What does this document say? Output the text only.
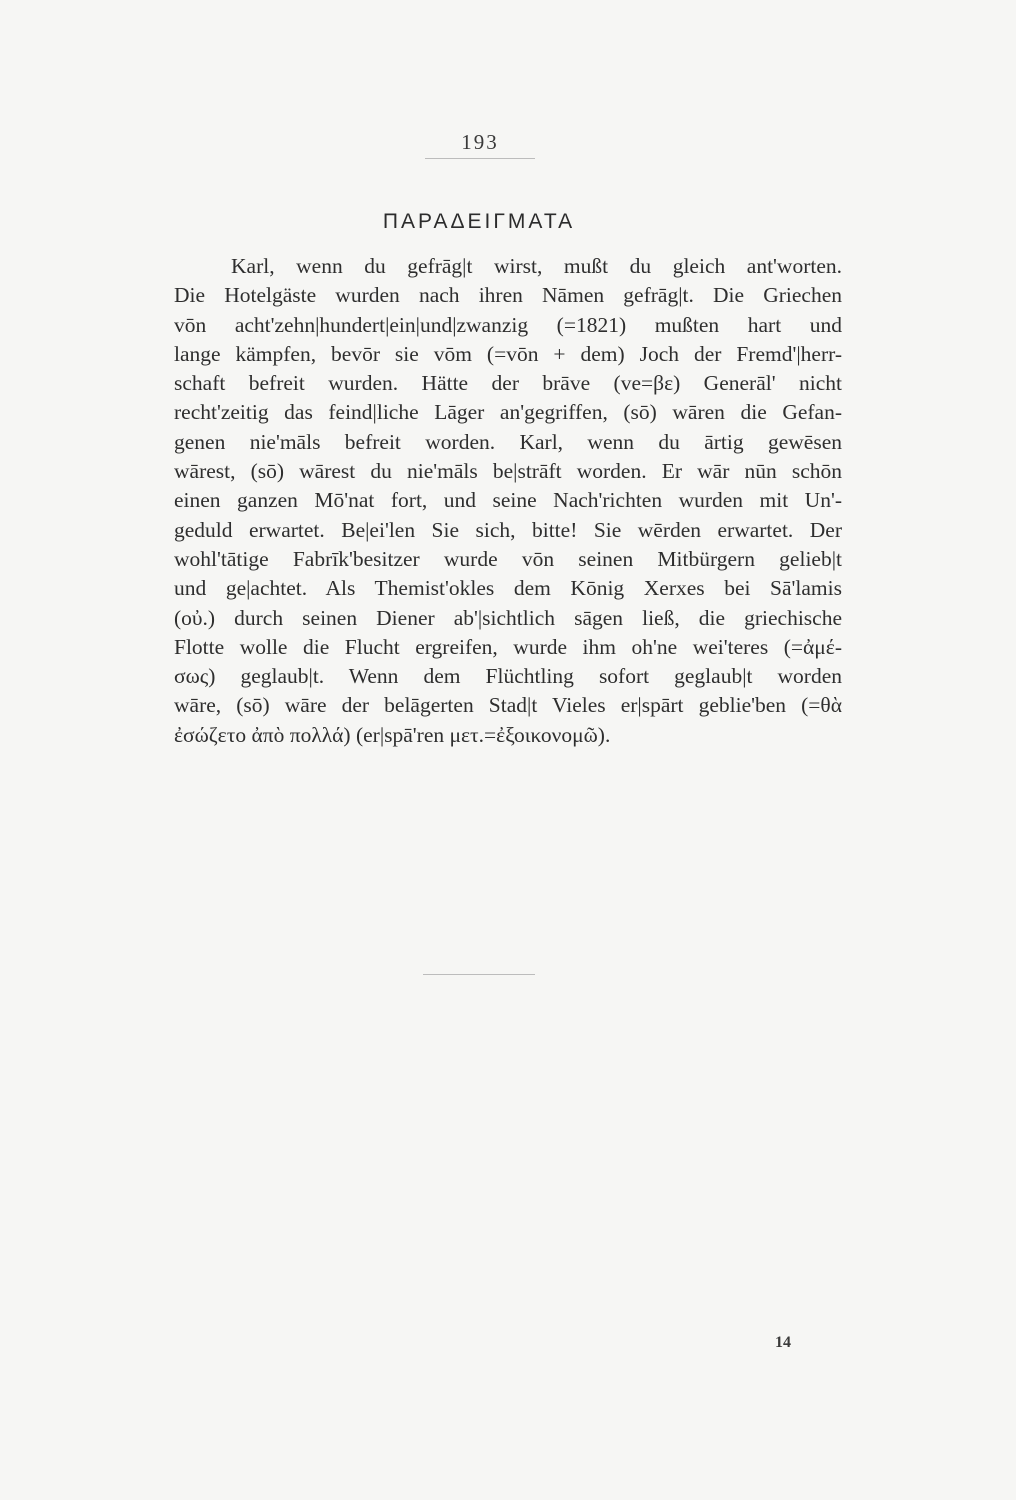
193
ΠΑΡΑΔΕΙΓΜΑΤΑ
Karl, wenn du gefrāg|t wirst, mußt du gleich ant'worten.
Die Hotelgäste wurden nach ihren Nāmen gefrāg|t. Die Griechen
vōn acht'zehn|hundert|ein|und|zwanzig (=1821) mußten hart und
lange kämpfen, bevōr sie vōm (=vōn + dem) Joch der Fremd'|herr-
schaft befreit wurden. Hätte der brāve (ve=βε) Generāl' nicht
recht'zeitig das feind|liche Lāger an'gegriffen, (sō) wāren die Gefan-
genen nie'māls befreit worden. Karl, wenn du ārtig gewēsen
wārest, (sō) wārest du nie'māls be|strāft worden. Er wār nūn schōn
einen ganzen Mō'nat fort, und seine Nach'richten wurden mit Un'-
geduld erwartet. Be|ei'len Sie sich, bitte! Sie wērden erwartet. Der
wohl'tātige Fabrīk'besitzer wurde vōn seinen Mitbürgern gelieb|t
und ge|achtet. Als Themist'okles dem Kōnig Xerxes bei Sā'lamis
(οὐ.) durch seinen Diener ab'|sichtlich sāgen ließ, die griechische
Flotte wolle die Flucht ergreifen, wurde ihm oh'ne wei'teres (=ἀμέ-
σως) geglaub|t. Wenn dem Flüchtling sofort geglaub|t worden
wāre, (sō) wāre der belāgerten Stad|t Vieles er|spārt geblie'ben (=θὰ
ἐσώζετο ἀπὸ πολλά) (er|spā'ren μετ.=ἐξοικονομῶ).
14
